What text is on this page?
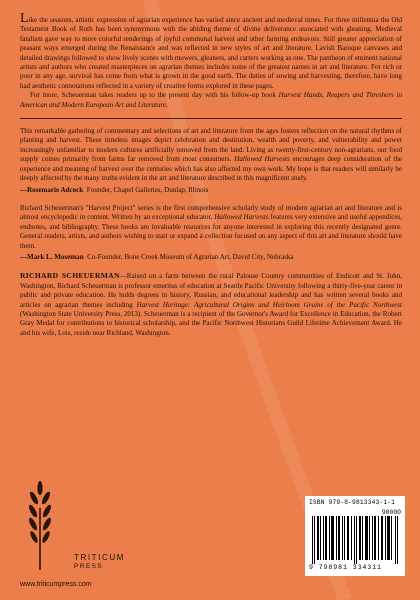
Like the seasons, artistic expression of agrarian experience has varied since ancient and medieval times. For three millennia the Old Testament Book of Ruth has been synonymous with the abiding theme of divine deliverance associated with gleaning. Medieval fatalism gave way to more colorful renderings of joyful communal harvest and other farming endeavors. Still greater appreciation of peasant ways emerged during the Renaissance and was reflected in new styles of art and literature. Lavish Baroque canvases and detailed drawings followed to show lively scenes with mowers, gleaners, and carters working as one. The pantheon of eminent national artists and authors who created masterpieces on agrarian themes includes some of the greatest names in art and literature. For rich or poor in any age, survival has come from what is grown in the good earth. The duties of sowing and harvesting, therefore, have long had aesthetic connotations reflected in a variety of creative forms explored in these pages.

For more, Scheuerman takes readers up to the present day with his follow-up book Harvest Hands, Reapers and Threshers in American and Modern European Art and Literature.

This remarkable gathering of commentary and selections of art and literature from the ages fosters reflection on the natural rhythms of planting and harvest. These timeless images depict celebration and destitution, wealth and poverty, and vulnerability and power increasingly unfamiliar to modern cultures artificially removed from the land. Living as twenty-first-century non-agrarians, our food supply comes primarily from farms far removed from most consumers. Hallowed Harvests encourages deep consideration of the experience and meaning of harvest over the centuries which has also affected my own work. My hope is that readers will similarly be deeply affected by the many truths evident in the art and literature described in this magnificent study.

—Rosemarie Adcock Founder, Chapel Galleries, Dunlap, Illinois

Richard Scheuerman's "Harvest Project" series is the first comprehensive scholarly study of modern agrarian art and literature and is almost encyclopedic in content. Written by an exceptional educator, Hallowed Harvests features very extensive and useful appendices, endnotes, and bibliography. These books are invaluable resources for anyone interested in exploring this recently designated genre. General readers, artists, and authors wishing to start or expand a collection focused on any aspect of this art and literature should have them.

—Mark L. Moseman Co-Founder, Bone Creek Museum of Agrarian Art, David City, Nebraska

RICHARD SCHEUERMAN—Raised on a farm between the rural Palouse Country communities of Endicott and St. John, Washington, Richard Scheuerman is professor emeritus of education at Seattle Pacific University following a thirty-five-year career in public and private education. He holds degrees in history, Russian, and educational leadership and has written several books and articles on agrarian themes including Harvest Heritage: Agricultural Origins and Heirloom Grains of the Pacific Northwest (Washington State University Press, 2013). Scheuerman is a recipient of the Governor's Award for Excellence in Education, the Robert Gray Medal for contributions to historical scholarship, and the Pacific Northwest Historians Guild Lifetime Achievement Award. He and his wife, Lois, reside near Richland, Washington.

TRITICUM
PRESS
www.triticumpress.com
ISBN 979-8-9813343-1-1
90000
9 798981 334311
